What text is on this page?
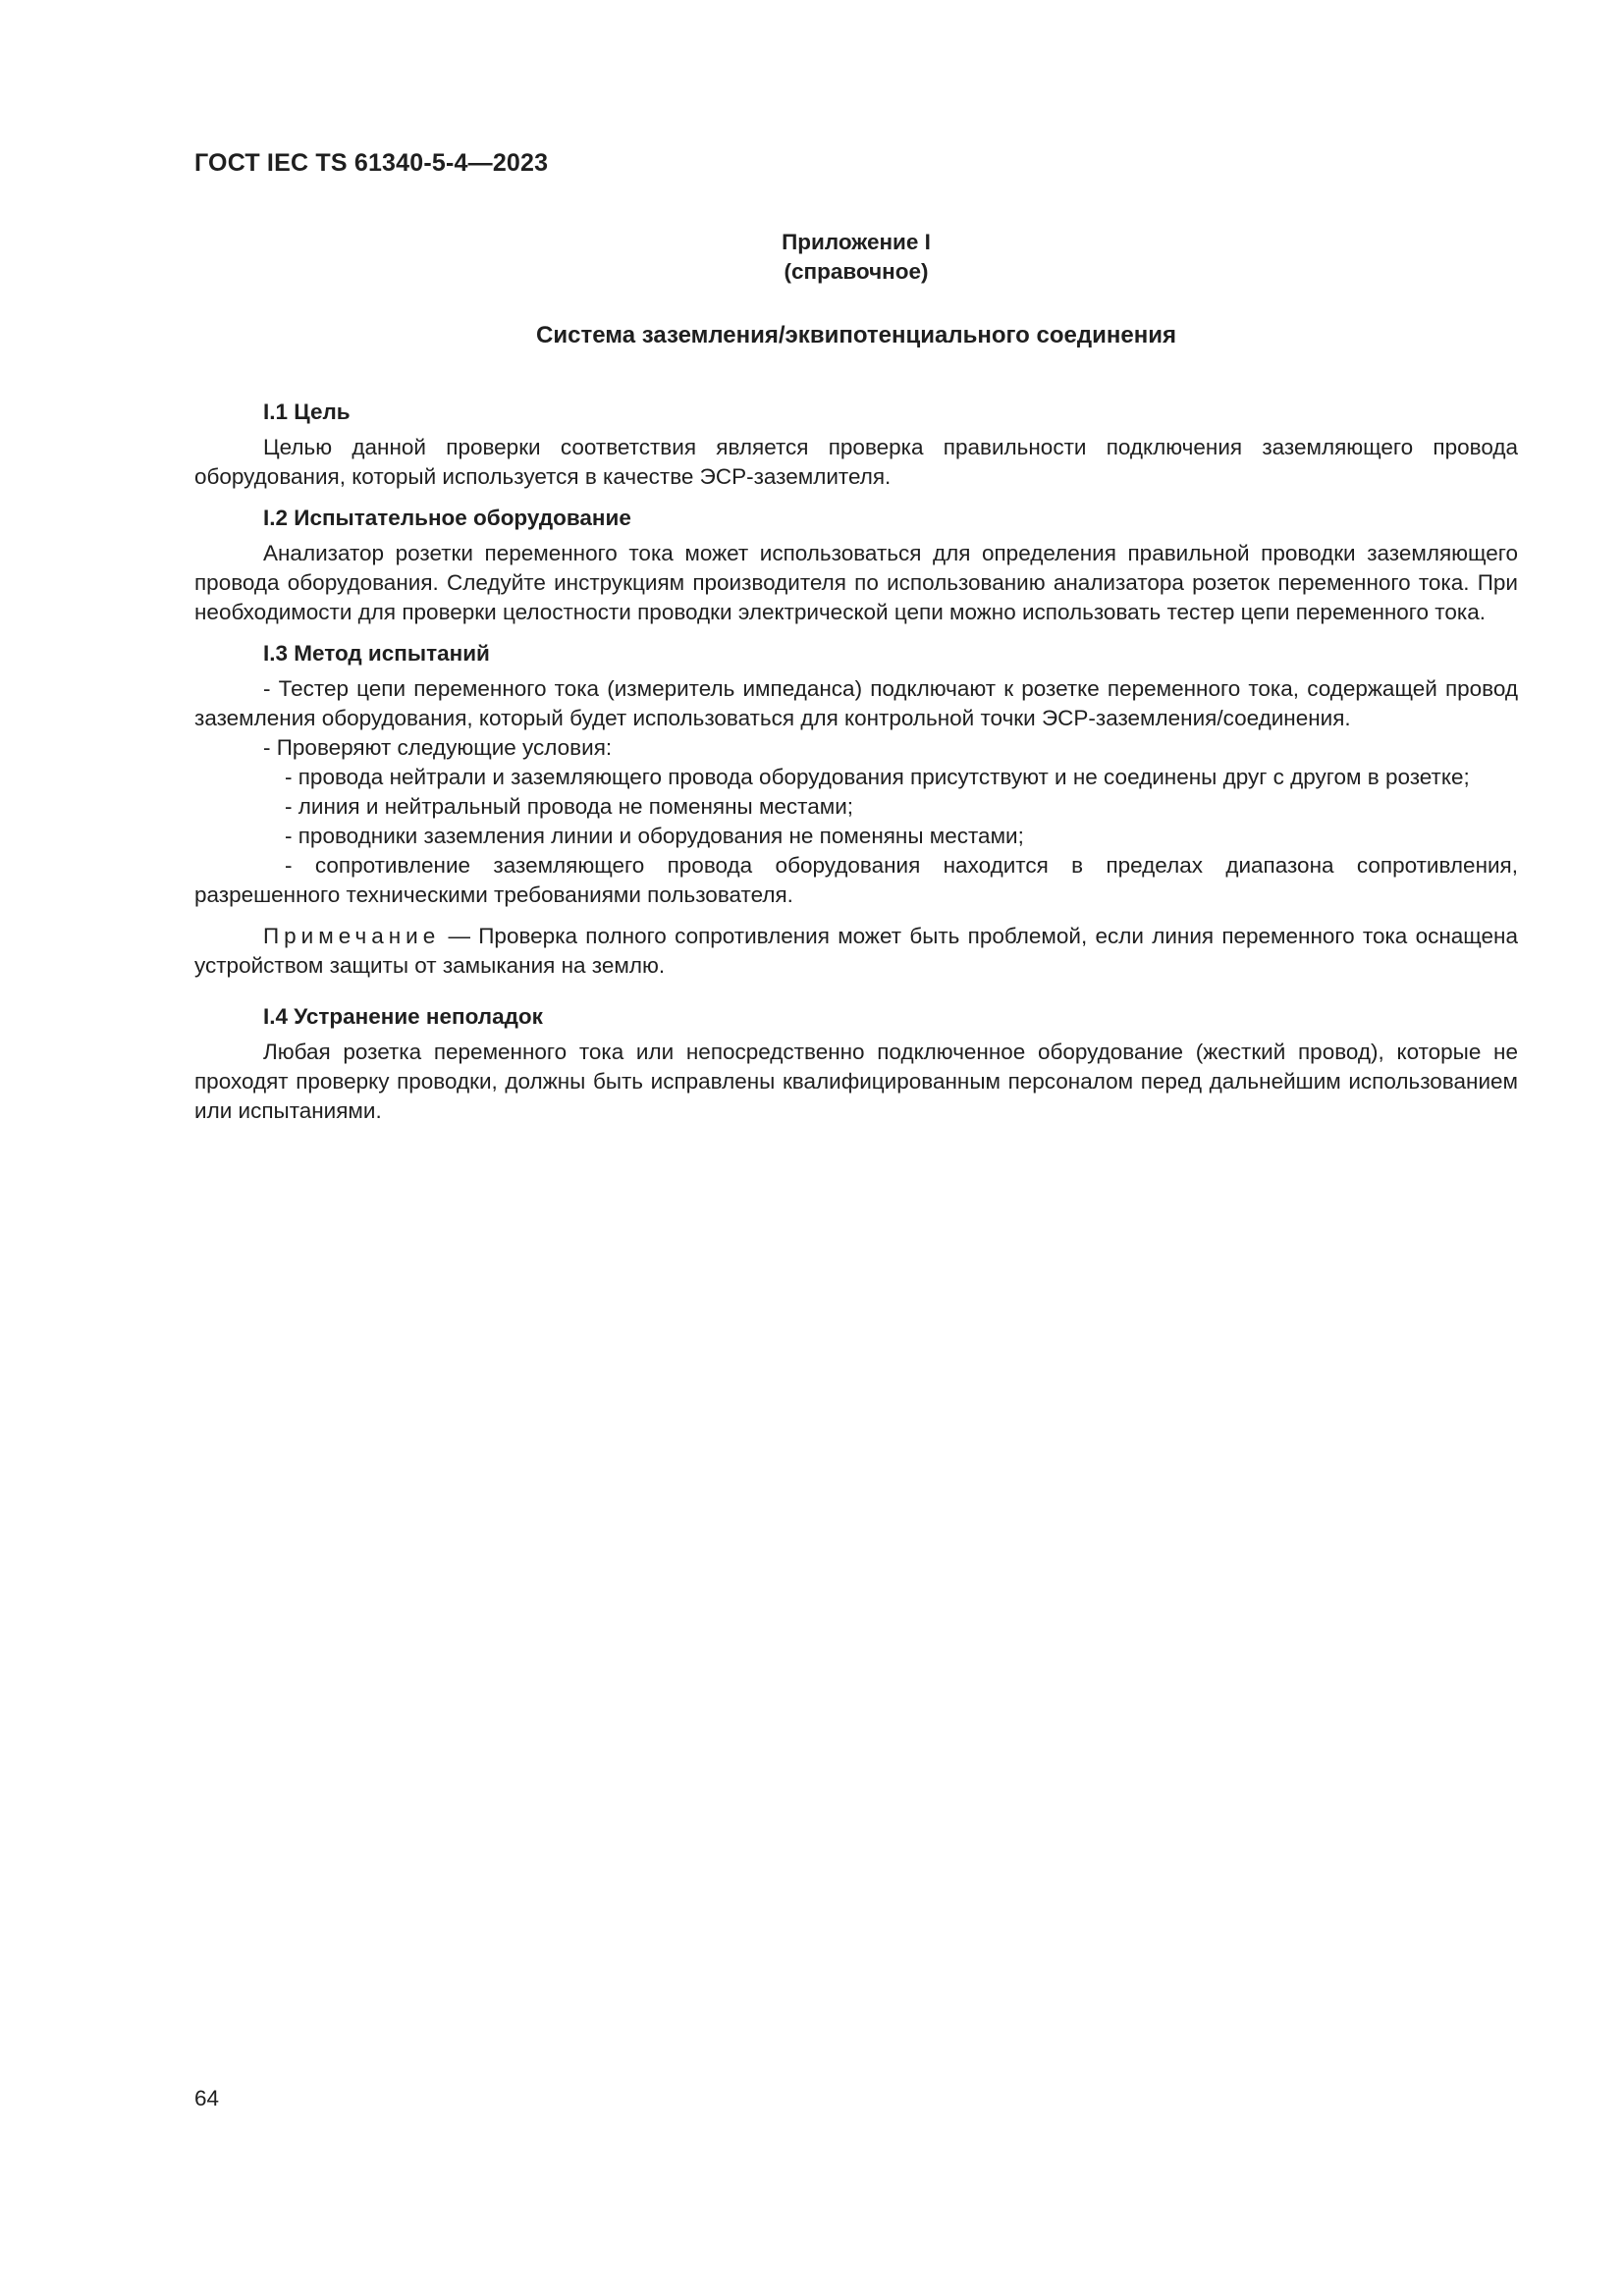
ГОСТ IEC TS 61340-5-4—2023
Приложение I
(справочное)
Система заземления/эквипотенциального соединения
I.1 Цель

Целью данной проверки соответствия является проверка правильности подключения заземляющего провода оборудования, который используется в качестве ЭСР-заземлителя.

I.2 Испытательное оборудование

Анализатор розетки переменного тока может использоваться для определения правильной проводки заземляющего провода оборудования. Следуйте инструкциям производителя по использованию анализатора розеток переменного тока. При необходимости для проверки целостности проводки электрической цепи можно использовать тестер цепи переменного тока.

I.3 Метод испытаний

- Тестер цепи переменного тока (измеритель импеданса) подключают к розетке переменного тока, содержащей провод заземления оборудования, который будет использоваться для контрольной точки ЭСР-заземления/соединения.

- Проверяют следующие условия:

- провода нейтрали и заземляющего провода оборудования присутствуют и не соединены друг с другом в розетке;

- линия и нейтральный провода не поменяны местами;

- проводники заземления линии и оборудования не поменяны местами;

- сопротивление заземляющего провода оборудования находится в пределах диапазона сопротивления, разрешенного техническими требованиями пользователя.

Примечание — Проверка полного сопротивления может быть проблемой, если линия переменного тока оснащена устройством защиты от замыкания на землю.

I.4 Устранение неполадок

Любая розетка переменного тока или непосредственно подключенное оборудование (жесткий провод), которые не проходят проверку проводки, должны быть исправлены квалифицированным персоналом перед дальнейшим использованием или испытаниями.

64
